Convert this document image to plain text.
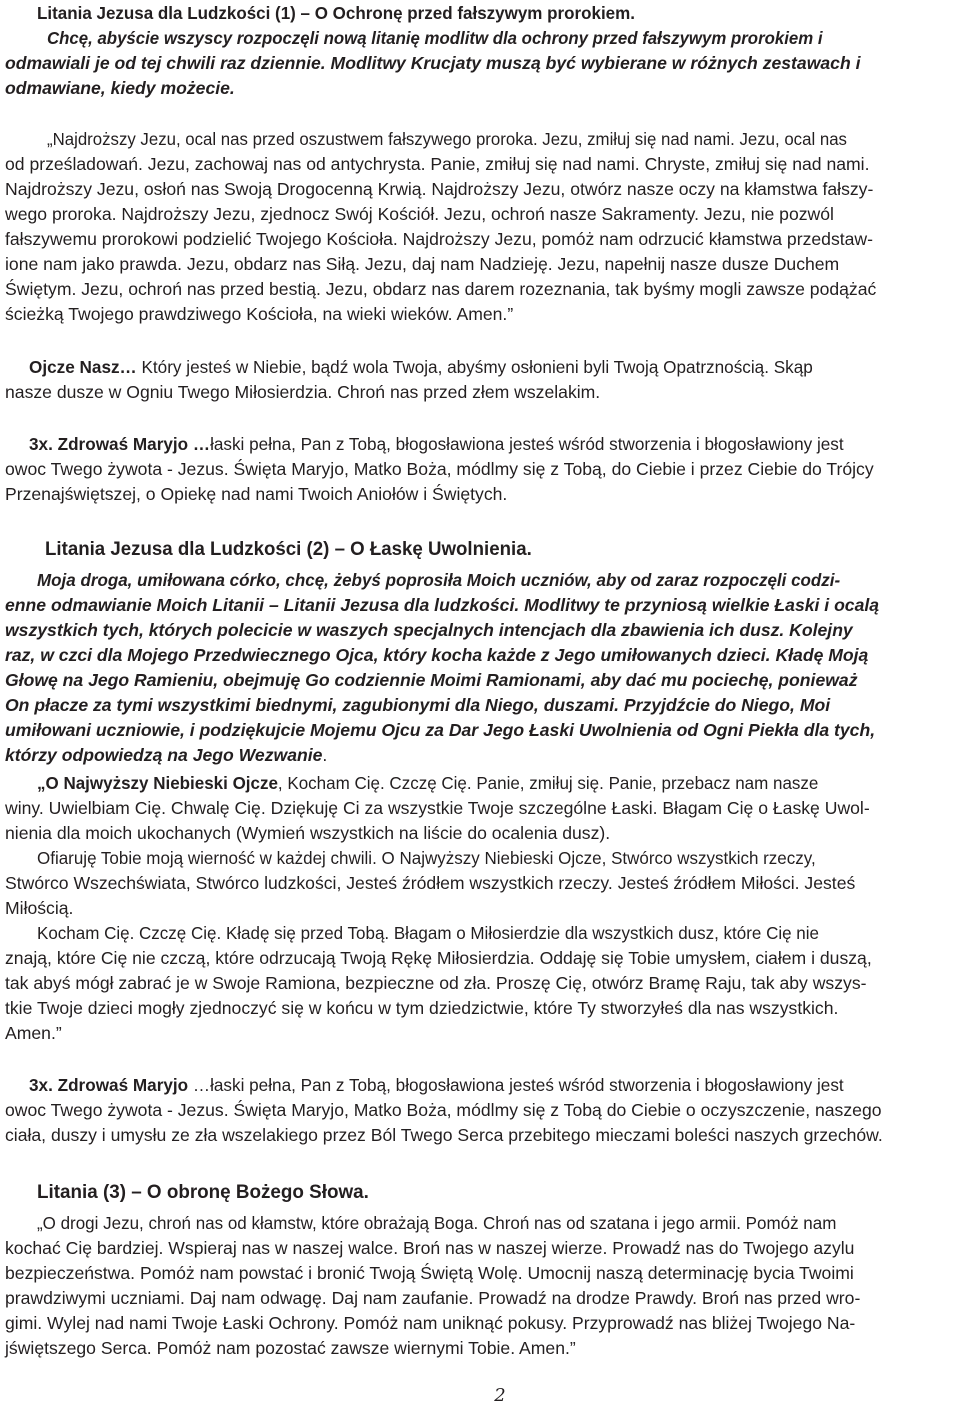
Litania Jezusa dla Ludzkości (1) – O Ochronę przed fałszywym prorokiem.

Chcę, abyście wszyscy rozpoczęli nową litanię modlitw dla ochrony przed fałszywym prorokiem i

odmawiali je od tej chwili raz dziennie. Modlitwy Krucjaty muszą być wybierane w różnych zestawach i

odmawiane, kiedy możecie.

„Najdroższy Jezu, ocal nas przed oszustwem fałszywego proroka. Jezu, zmiłuj się nad nami. Jezu, ocal nas

od prześladowań. Jezu, zachowaj nas od antychrysta. Panie, zmiłuj się nad nami. Chryste, zmiłuj się nad nami.

Najdroższy Jezu, osłoń nas Swoją Drogocenną Krwią. Najdroższy Jezu, otwórz nasze oczy na kłamstwa fałszy-

wego proroka. Najdroższy Jezu, zjednocz Swój Kościół. Jezu, ochroń nasze Sakramenty. Jezu, nie pozwól

fałszywemu prorokowi podzielić Twojego Kościoła. Najdroższy Jezu, pomóż nam odrzucić kłamstwa przedstaw-

ione nam jako prawda. Jezu, obdarz nas Siłą. Jezu, daj nam Nadzieję. Jezu, napełnij nasze dusze Duchem

Świętym. Jezu, ochroń nas przed bestią. Jezu, obdarz nas darem rozeznania, tak byśmy mogli zawsze podążać

ścieżką Twojego prawdziwego Kościoła, na wieki wieków. Amen.”

Ojcze Nasz… Który jesteś w Niebie, bądź wola Twoja, abyśmy osłonieni byli Twoją Opatrznością. Skąp

nasze dusze w Ogniu Twego Miłosierdzia. Chroń nas przed złem wszelakim.

3x. Zdrowaś Maryjo …łaski pełna, Pan z Tobą, błogosławiona jesteś wśród stworzenia i błogosławiony jest

owoc Twego żywota - Jezus. Święta Maryjo, Matko Boża, módlmy się z Tobą, do Ciebie i przez Ciebie do Trójcy

Przenajświętszej, o Opiekę nad nami Twoich Aniołów i Świętych.

Litania Jezusa dla Ludzkości (2) – O Łaskę Uwolnienia.

Moja droga, umiłowana córko, chcę, żebyś poprosiła Moich uczniów, aby od zaraz rozpoczęli codzi-

enne odmawianie Moich Litanii – Litanii Jezusa dla ludzkości. Modlitwy te przyniosą wielkie Łaski i ocalą

wszystkich tych, których polecicie w waszych specjalnych intencjach dla zbawienia ich dusz. Kolejny

raz, w czci dla Mojego Przedwiecznego Ojca, który kocha każde z Jego umiłowanych dzieci. Kładę Moją

Głowę na Jego Ramieniu, obejmuję Go codziennie Moimi Ramionami, aby dać mu pociechę, ponieważ

On płacze za tymi wszystkimi biednymi, zagubionymi dla Niego, duszami. Przyjdźcie do Niego, Moi

umiłowani uczniowie, i podziękujcie Mojemu Ojcu za Dar Jego Łaski Uwolnienia od Ogni Piekła dla tych,

którzy odpowiedzą na Jego Wezwanie.

„O Najwyższy Niebieski Ojcze, Kocham Cię. Czczę Cię. Panie, zmiłuj się. Panie, przebacz nam nasze

winy. Uwielbiam Cię. Chwalę Cię. Dziękuję Ci za wszystkie Twoje szczególne Łaski. Błagam Cię o Łaskę Uwol-

nienia dla moich ukochanych (Wymień wszystkich na liście do ocalenia dusz).

Ofiaruję Tobie moją wierność w każdej chwili. O Najwyższy Niebieski Ojcze, Stwórco wszystkich rzeczy,

Stwórco Wszechświata, Stwórco ludzkości, Jesteś źródłem wszystkich rzeczy. Jesteś źródłem Miłości. Jesteś

Miłością.

Kocham Cię. Czczę Cię. Kładę się przed Tobą. Błagam o Miłosierdzie dla wszystkich dusz, które Cię nie

znają, które Cię nie czczą, które odrzucają Twoją Rękę Miłosierdzia. Oddaję się Tobie umysłem, ciałem i duszą,

tak abyś mógł zabrać je w Swoje Ramiona, bezpieczne od zła. Proszę Cię, otwórz Bramę Raju, tak aby wszys-

tkie Twoje dzieci mogły zjednoczyć się w końcu w tym dziedzictwie, które Ty stworzyłeś dla nas wszystkich.

Amen.”

3x. Zdrowaś Maryjo …łaski pełna, Pan z Tobą, błogosławiona jesteś wśród stworzenia i błogosławiony jest

owoc Twego żywota - Jezus. Święta Maryjo, Matko Boża, módlmy się z Tobą do Ciebie o oczyszczenie, naszego

ciała, duszy i umysłu ze zła wszelakiego przez Ból Twego Serca przebitego mieczami boleści naszych grzechów.

Litania (3) – O obronę Bożego Słowa.

„O drogi Jezu, chroń nas od kłamstw, które obrażają Boga. Chroń nas od szatana i jego armii. Pomóż nam

kochać Cię bardziej. Wspieraj nas w naszej walce. Broń nas w naszej wierze. Prowadź nas do Twojego azylu

bezpieczeństwa. Pomóż nam powstać i bronić Twoją Świętą Wolę. Umocnij naszą determinację bycia Twoimi

prawdziwymi uczniami. Daj nam odwagę. Daj nam zaufanie. Prowadź na drodze Prawdy. Broń nas przed wro-

gimi. Wylej nad nami Twoje Łaski Ochrony. Pomóż nam uniknąć pokusy. Przyprowadź nas bliżej Twojego Na-

jświętszego Serca. Pomóż nam pozostać zawsze wiernymi Tobie. Amen.”

2
